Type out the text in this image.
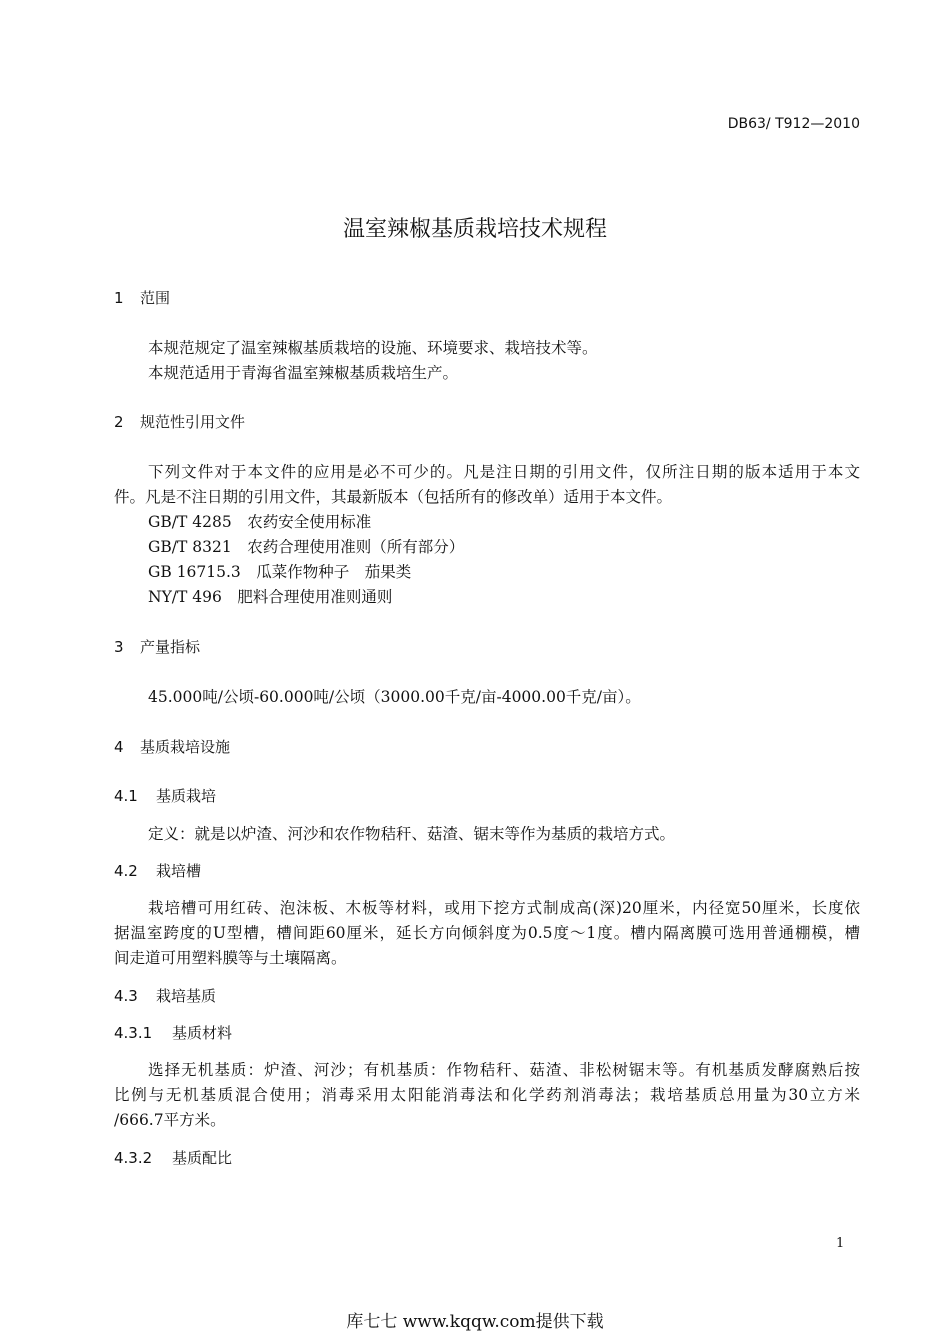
DB63/ T912—2010
温室辣椒基质栽培技术规程
1 范围
本规范规定了温室辣椒基质栽培的设施、环境要求、栽培技术等。
本规范适用于青海省温室辣椒基质栽培生产。
2 规范性引用文件
下列文件对于本文件的应用是必不可少的。凡是注日期的引用文件，仅所注日期的版本适用于本文
件。凡是不注日期的引用文件，其最新版本（包括所有的修改单）适用于本文件。
GB/T 4285  农药安全使用标准
GB/T 8321  农药合理使用准则（所有部分）
GB 16715.3  瓜菜作物种子　茄果类
NY/T 496  肥料合理使用准则通则
3 产量指标
45.000吨/公顷-60.000吨/公顷（3000.00千克/亩-4000.00千克/亩）。
4 基质栽培设施
4.1 基质栽培
定义：就是以炉渣、河沙和农作物秸秆、菇渣、锯末等作为基质的栽培方式。
4.2 栽培槽
栽培槽可用红砖、泡沫板、木板等材料，或用下挖方式制成高(深)20厘米，内径宽50厘米，长度依
据温室跨度的U型槽，槽间距60厘米，延长方向倾斜度为0.5度～1度。槽内隔离膜可选用普通棚模，槽
间走道可用塑料膜等与土壤隔离。
4.3 栽培基质
4.3.1 基质材料
选择无机基质：炉渣、河沙；有机基质：作物秸秆、菇渣、非松树锯末等。有机基质发酵腐熟后按
比例与无机基质混合使用；消毒采用太阳能消毒法和化学药剂消毒法；栽培基质总用量为30立方米
/666.7平方米。
4.3.2 基质配比
1
库七七 www.kqqw.com提供下载
